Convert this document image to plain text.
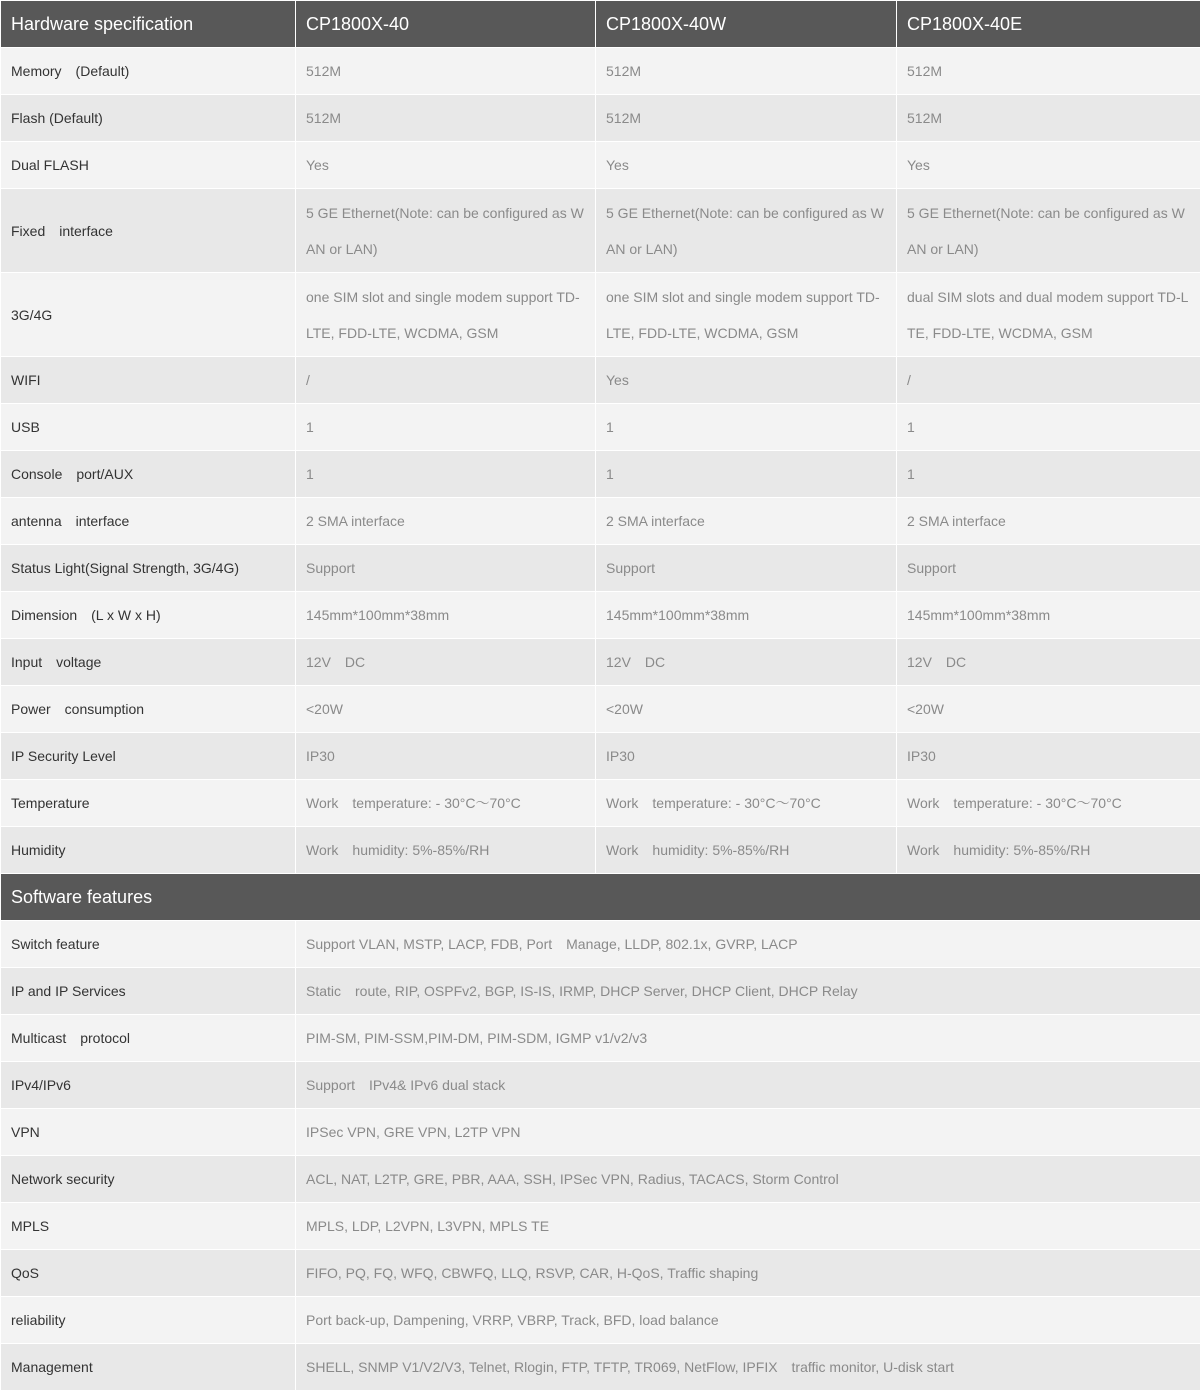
Hardware specification	CP1800X-40	CP1800X-40W	CP1800X-40E
Memory　(Default)	512M	512M	512M
Flash (Default)	512M	512M	512M
Dual FLASH	Yes	Yes	Yes
Fixed　interface	5 GE Ethernet(Note: can be configured as WAN or LAN)	5 GE Ethernet(Note: can be configured as WAN or LAN)	5 GE Ethernet(Note: can be configured as WAN or LAN)
3G/4G	one SIM slot and single modem support TD-LTE, FDD-LTE, WCDMA, GSM	one SIM slot and single modem support TD-LTE, FDD-LTE, WCDMA, GSM	dual SIM slots and dual modem support TD-LTE, FDD-LTE, WCDMA, GSM
WIFI	/	Yes	/
USB	1	1	1
Console　port/AUX	1	1	1
antenna　interface	2 SMA interface	2 SMA interface	2 SMA interface
Status Light(Signal Strength, 3G/4G)	Support	Support	Support
Dimension　(L x W x H)	145mm*100mm*38mm	145mm*100mm*38mm	145mm*100mm*38mm
Input　voltage	12V　DC	12V　DC	12V　DC
Power　consumption	<20W	<20W	<20W
IP Security Level	IP30	IP30	IP30
Temperature	Work　temperature: - 30°C～70°C	Work　temperature: - 30°C～70°C	Work　temperature: - 30°C～70°C
Humidity	Work　humidity: 5%-85%/RH	Work　humidity: 5%-85%/RH	Work　humidity: 5%-85%/RH
Software features			
Switch feature	Support VLAN, MSTP, LACP, FDB, Port　Manage, LLDP, 802.1x, GVRP, LACP		
IP and IP Services	Static　route, RIP, OSPFv2, BGP, IS-IS, IRMP, DHCP Server, DHCP Client, DHCP Relay		
Multicast　protocol	PIM-SM, PIM-SSM,PIM-DM, PIM-SDM, IGMP v1/v2/v3		
IPv4/IPv6	Support　IPv4& IPv6 dual stack		
VPN	IPSec VPN, GRE VPN, L2TP VPN		
Network security	ACL, NAT, L2TP, GRE, PBR, AAA, SSH, IPSec VPN, Radius, TACACS, Storm Control		
MPLS	MPLS, LDP, L2VPN, L3VPN, MPLS TE		
QoS	FIFO, PQ, FQ, WFQ, CBWFQ, LLQ, RSVP, CAR, H-QoS, Traffic shaping		
reliability	Port back-up, Dampening, VRRP, VBRP, Track, BFD, load balance		
Management	SHELL, SNMP V1/V2/V3, Telnet, Rlogin, FTP, TFTP, TR069, NetFlow, IPFIX　traffic monitor, U-disk start		
